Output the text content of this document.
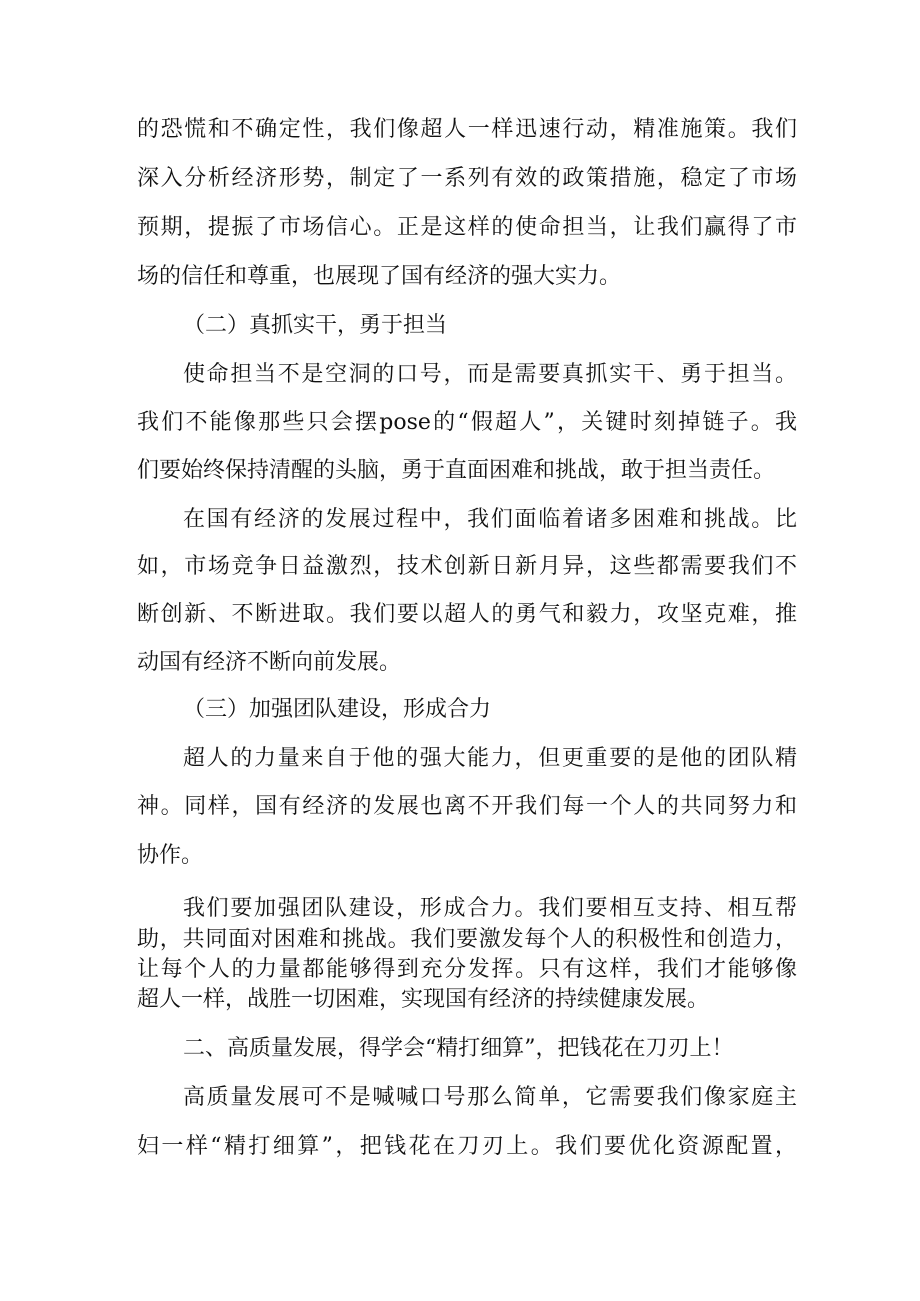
的恐慌和不确定性，我们像超人一样迅速行动，精准施策。我们
深入分析经济形势，制定了一系列有效的政策措施，稳定了市场
预期，提振了市场信心。正是这样的使命担当，让我们赢得了市
场的信任和尊重，也展现了国有经济的强大实力。
（二）真抓实干，勇于担当
使命担当不是空洞的口号，而是需要真抓实干、勇于担当。
我们不能像那些只会摆pose的“假超人”，关键时刻掉链子。我
们要始终保持清醒的头脑，勇于直面困难和挑战，敢于担当责任。
在国有经济的发展过程中，我们面临着诸多困难和挑战。比
如，市场竞争日益激烈，技术创新日新月异，这些都需要我们不
断创新、不断进取。我们要以超人的勇气和毅力，攻坚克难，推
动国有经济不断向前发展。
（三）加强团队建设，形成合力
超人的力量来自于他的强大能力，但更重要的是他的团队精
神。同样，国有经济的发展也离不开我们每一个人的共同努力和
协作。
我们要加强团队建设，形成合力。我们要相互支持、相互帮
助，共同面对困难和挑战。我们要激发每个人的积极性和创造力，
让每个人的力量都能够得到充分发挥。只有这样，我们才能够像
超人一样，战胜一切困难，实现国有经济的持续健康发展。
二、高质量发展，得学会“精打细算”，把钱花在刀刃上！
高质量发展可不是喊喊口号那么简单，它需要我们像家庭主
妇一样“精打细算”，把钱花在刀刃上。我们要优化资源配置，
